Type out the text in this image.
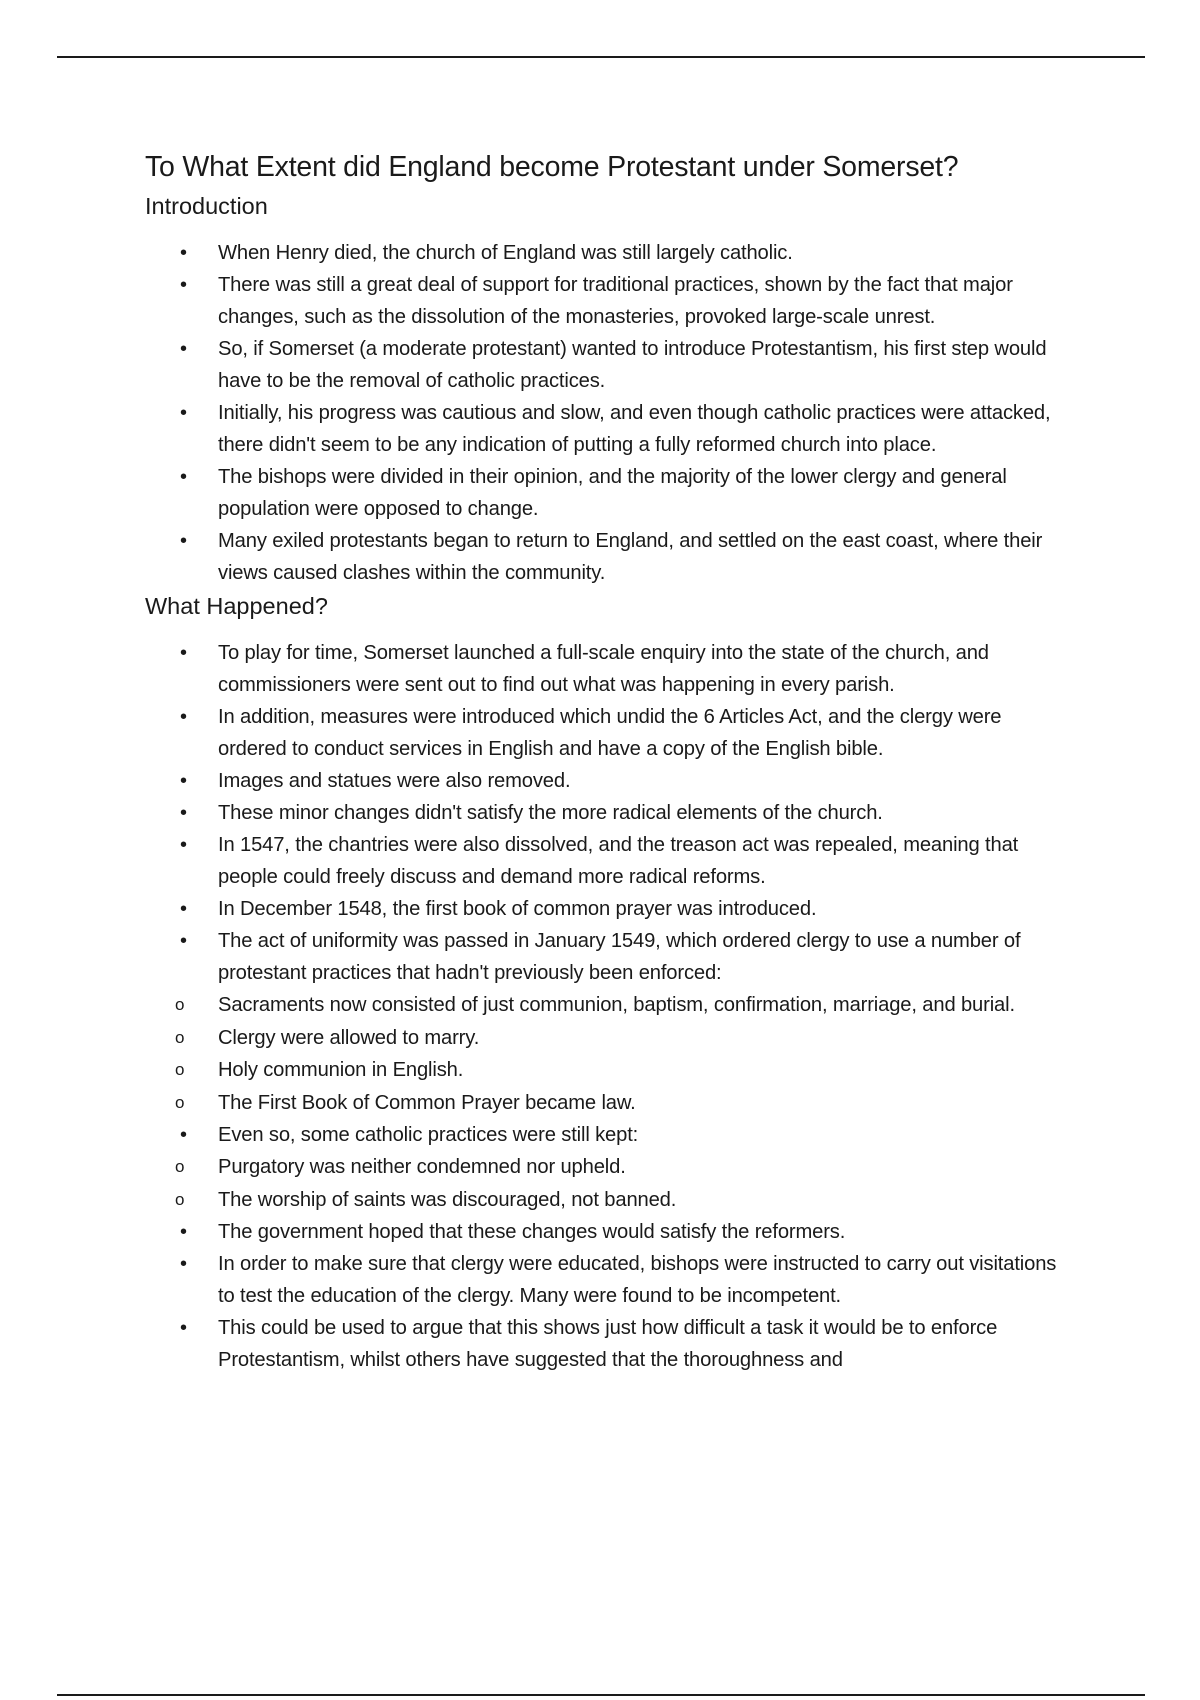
To What Extent did England become Protestant under Somerset?
Introduction
• When Henry died, the church of England was still largely catholic.
• There was still a great deal of support for traditional practices, shown by the fact that major changes, such as the dissolution of the monasteries, provoked large-scale unrest.
• So, if Somerset (a moderate protestant) wanted to introduce Protestantism, his first step would have to be the removal of catholic practices.
• Initially, his progress was cautious and slow, and even though catholic practices were attacked, there didn't seem to be any indication of putting a fully reformed church into place.
• The bishops were divided in their opinion, and the majority of the lower clergy and general population were opposed to change.
• Many exiled protestants began to return to England, and settled on the east coast, where their views caused clashes within the community.
What Happened?
• To play for time, Somerset launched a full-scale enquiry into the state of the church, and commissioners were sent out to find out what was happening in every parish.
• In addition, measures were introduced which undid the 6 Articles Act, and the clergy were ordered to conduct services in English and have a copy of the English bible.
• Images and statues were also removed.
• These minor changes didn't satisfy the more radical elements of the church.
• In 1547, the chantries were also dissolved, and the treason act was repealed, meaning that people could freely discuss and demand more radical reforms.
• In December 1548, the first book of common prayer was introduced.
• The act of uniformity was passed in January 1549, which ordered clergy to use a number of protestant practices that hadn't previously been enforced:
o Sacraments now consisted of just communion, baptism, confirmation, marriage, and burial.
o Clergy were allowed to marry.
o Holy communion in English.
o The First Book of Common Prayer became law.
• Even so, some catholic practices were still kept:
o Purgatory was neither condemned nor upheld.
o The worship of saints was discouraged, not banned.
• The government hoped that these changes would satisfy the reformers.
• In order to make sure that clergy were educated, bishops were instructed to carry out visitations to test the education of the clergy. Many were found to be incompetent.
• This could be used to argue that this shows just how difficult a task it would be to enforce Protestantism, whilst others have suggested that the thoroughness and
